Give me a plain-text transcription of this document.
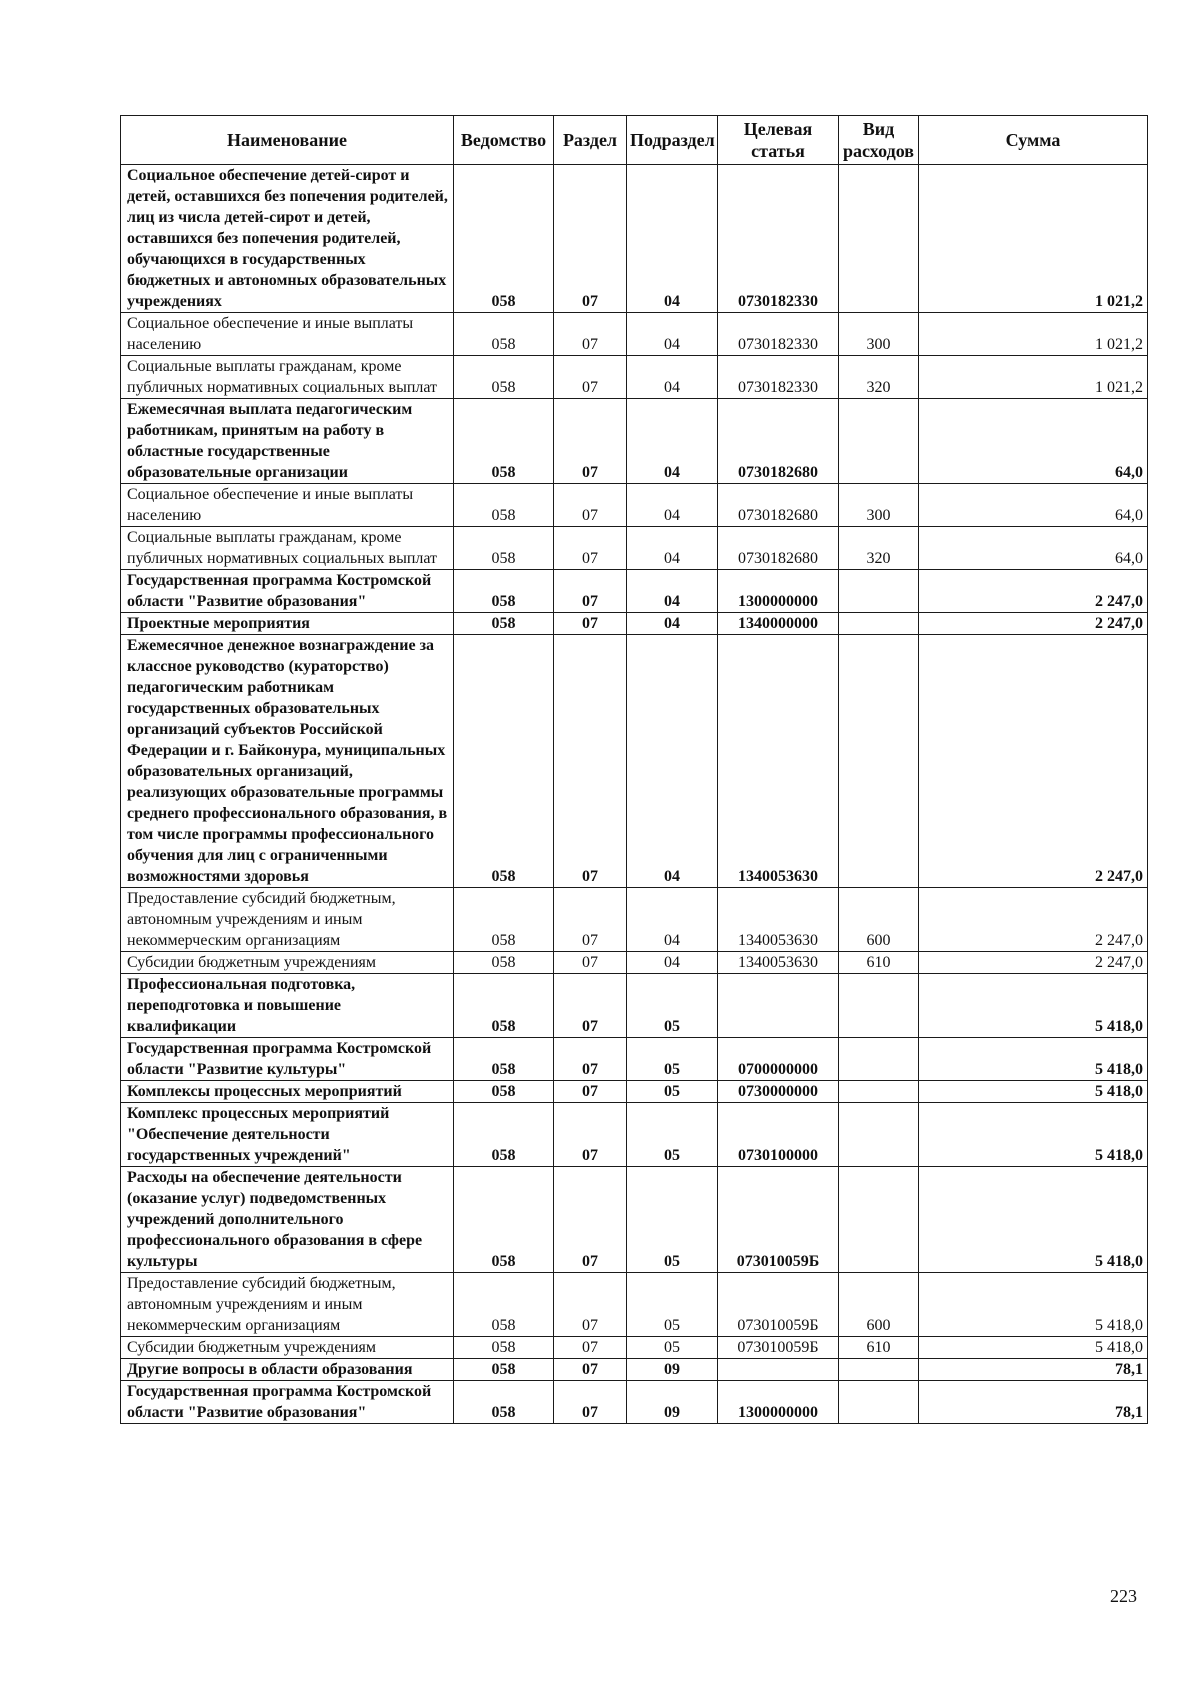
Наименование	Ведомство	Раздел	Подраздел	Целевая статья	Вид расходов	Сумма
Социальное обеспечение детей-сирот и детей, оставшихся без попечения родителей, лиц из числа детей-сирот и детей, оставшихся без попечения родителей, обучающихся в государственных бюджетных и автономных образовательных учреждениях	058	07	04	0730182330		1 021,2
Социальное обеспечение и иные выплаты населению	058	07	04	0730182330	300	1 021,2
Социальные выплаты гражданам, кроме публичных нормативных социальных выплат	058	07	04	0730182330	320	1 021,2
Ежемесячная выплата педагогическим работникам, принятым на работу в областные государственные образовательные организации	058	07	04	0730182680		64,0
Социальное обеспечение и иные выплаты населению	058	07	04	0730182680	300	64,0
Социальные выплаты гражданам, кроме публичных нормативных социальных выплат	058	07	04	0730182680	320	64,0
Государственная программа Костромской области "Развитие образования"	058	07	04	1300000000		2 247,0
Проектные мероприятия	058	07	04	1340000000		2 247,0
Ежемесячное денежное вознаграждение за классное руководство (кураторство) педагогическим работникам государственных образовательных организаций субъектов Российской Федерации и г. Байконура, муниципальных образовательных организаций, реализующих образовательные программы среднего профессионального образования, в том числе программы профессионального обучения для лиц с ограниченными возможностями здоровья	058	07	04	1340053630		2 247,0
Предоставление субсидий бюджетным, автономным учреждениям и иным некоммерческим организациям	058	07	04	1340053630	600	2 247,0
Субсидии бюджетным учреждениям	058	07	04	1340053630	610	2 247,0
Профессиональная подготовка, переподготовка и повышение квалификации	058	07	05			5 418,0
Государственная программа Костромской области "Развитие культуры"	058	07	05	0700000000		5 418,0
Комплексы процессных мероприятий	058	07	05	0730000000		5 418,0
Комплекс процессных мероприятий "Обеспечение деятельности государственных учреждений"	058	07	05	0730100000		5 418,0
Расходы на обеспечение деятельности (оказание услуг) подведомственных учреждений дополнительного профессионального образования в сфере культуры	058	07	05	073010059Б		5 418,0
Предоставление субсидий бюджетным, автономным учреждениям и иным некоммерческим организациям	058	07	05	073010059Б	600	5 418,0
Субсидии бюджетным учреждениям	058	07	05	073010059Б	610	5 418,0
Другие вопросы в области образования	058	07	09			78,1
Государственная программа Костромской области "Развитие образования"	058	07	09	1300000000		78,1
223
